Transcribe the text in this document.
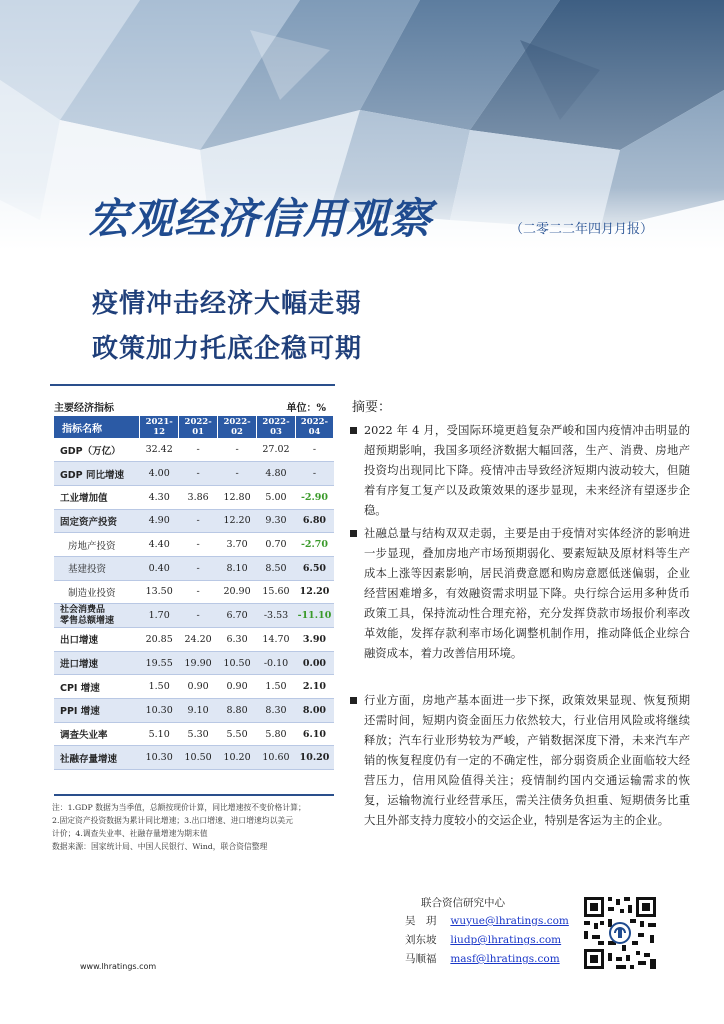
宏观经济信用观察	（二零二二年四月月报）
疫情冲击经济大幅走弱
政策加力托底企稳可期
主要经济指标	单位：%
指标名称	2021-12	2022-01	2022-02	2022-03	2022-04
GDP（万亿）	32.42	-	-	27.02	-
GDP 同比增速	4.00	-	-	4.80	-
工业增加值	4.30	3.86	12.80	5.00	-2.90
固定资产投资	4.90	-	12.20	9.30	6.80
房地产投资	4.40	-	3.70	0.70	-2.70
基建投资	0.40	-	8.10	8.50	6.50
制造业投资	13.50	-	20.90	15.60	12.20
社会消费品
零售总额增速	1.70	-	6.70	-3.53	-11.10
出口增速	20.85	24.20	6.30	14.70	3.90
进口增速	19.55	19.90	10.50	-0.10	0.00
CPI 增速	1.50	0.90	0.90	1.50	2.10
PPI 增速	10.30	9.10	8.80	8.30	8.00
调查失业率	5.10	5.30	5.50	5.80	6.10
社融存量增速	10.30	10.50	10.20	10.60	10.20
注：1.GDP 数据为当季值，总额按现价计算，同比增速按不变价格计算；
2.固定资产投资数据为累计同比增速；3.出口增速、进口增速均以美元
计价；4.调查失业率、社融存量增速为期末值
数据来源：国家统计局、中国人民银行、Wind，联合资信整理
摘要：
2022 年 4 月，受国际环境更趋复杂严峻和国内疫情冲击明显的超预期影响，我国多项经济数据大幅回落，生产、消费、房地产投资均出现同比下降。疫情冲击导致经济短期内波动较大，但随着有序复工复产以及政策效果的逐步显现，未来经济有望逐步企稳。
社融总量与结构双双走弱，主要是由于疫情对实体经济的影响进一步显现，叠加房地产市场预期弱化、要素短缺及原材料等生产成本上涨等因素影响，居民消费意愿和购房意愿低迷偏弱，企业经营困难增多，有效融资需求明显下降。央行综合运用多种货币政策工具，保持流动性合理充裕，充分发挥贷款市场报价利率改革效能，发挥存款利率市场化调整机制作用，推动降低企业综合融资成本，着力改善信用环境。
行业方面，房地产基本面进一步下探，政策效果显现、恢复预期还需时间，短期内资金面压力依然较大，行业信用风险或将继续释放；汽车行业形势较为严峻，产销数据深度下滑，未来汽车产销的恢复程度仍有一定的不确定性，部分弱资质企业面临较大经营压力，信用风险值得关注；疫情制约国内交通运输需求的恢复，运输物流行业经营承压，需关注债务负担重、短期债务比重大且外部支持力度较小的交运企业，特别是客运为主的企业。
联合资信研究中心
吴　玥 wuyue@lhratings.com
刘东坡 liudp@lhratings.com
马顺福 masf@lhratings.com
www.lhratings.com
